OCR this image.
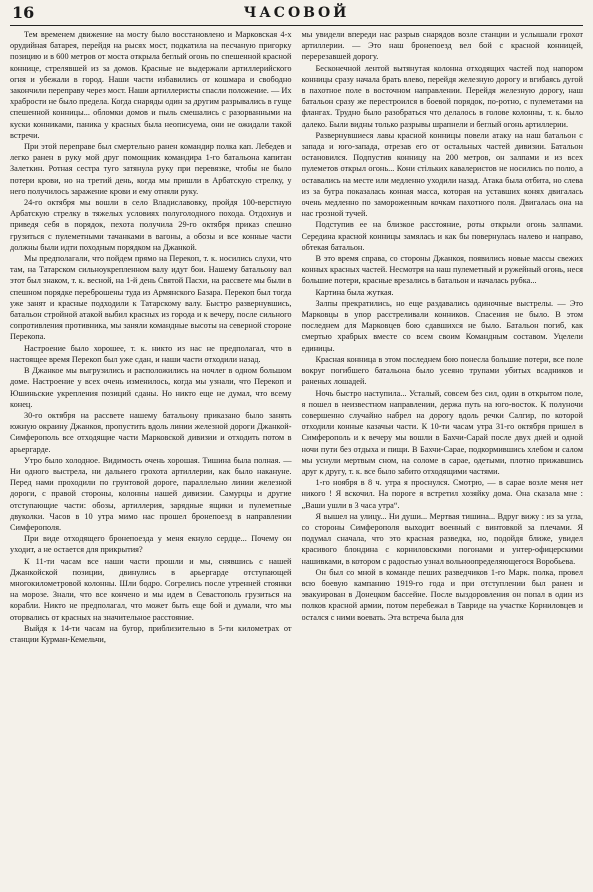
16	ЧАСОВОЙ

Тем временем движение на мосту было восстановлено и Марковская 4-х орудийная батарея, перейдя на рысях мост, подкатила на песчаную пригорку позицию и в 600 метров от моста открыла беглый огонь по спешенной красной коннице, стрелявшей из за домов. Красные не выдержали артиллерийского огня и убежали в город. Наши части избавились от кошмара и свободно закончили переправу через мост. Наши артиллеристы спасли положение. — Их храбрости не было предела. Когда снаряды один за другим разрывались в гуще спешенной конницы... обломки домов и пыль смешались с разорванными на куски конниками, паника у красных была неописуема, они не ожидали такой встречи.

При этой переправе был смертельно ранен командир полка кап. Лебедев и легко ранен в руку мой друг помощник командира 1-го батальона капитан Залеткин. Ротная сестра туго затянула руку при перевязке, чтобы не было потери крови, но на третий день, когда мы пришли в Арбатскую стрелку, у него получилось заражение крови и ему отняли руку.

24-го октября мы вошли в село Владиславовку, пройдя 100-верстную Арбатскую стрелку в тяжелых условиях полуголодного похода. Отдохнув и приведя себя в порядок, пехота получила 29-го октября приказ спешно грузиться с пулеметными тачанками в вагоны, а обозы и все конные части должны были идти походным порядком на Джанкой.

Мы предполагали, что пойдем прямо на Перекоп, т. к. носились слухи, что там, на Татарском сильноукрепленном валу идут бои. Нашему батальону вал этот был знаком, т. к. весной, на 1-й день Святой Пасхи, на рассвете мы были в спешном порядке переброшены туда из Армянского Базара. Перекоп был тогда уже занят и красные подходили к Татарскому валу. Быстро развернувшись, батальон стройной атакой выбил красных из города и к вечеру, после сильного сопротивления противника, мы заняли командные высоты на северной стороне Перекопа.

Настроение было хорошее, т. к. никто из нас не предполагал, что в настоящее время Перекоп был уже сдан, и наши части отходили назад.

В Джанкое мы выгрузились и расположились на ночлег в одном большом доме. Настроение у всех очень изменилось, когда мы узнали, что Перекоп и Юшиньские укрепления позиций сданы. Но никто еще не думал, что всему конец.

30-го октября на рассвете нашему батальону приказано было занять южную окраину Джанкоя, пропустить вдоль линии железной дороги Джанкой-Симферополь все отходящие части Марковской дивизии и отходить потом в арьергарде.

Утро было холодное. Видимость очень хорошая. Тишина была полная. — Ни одного выстрела, ни дальнего грохота артиллерии, как было накануне. Перед нами проходили по грунтовой дороге, параллельно линии железной дороги, с правой стороны, колонны нашей дивизии. Самурцы и другие отступающие части: обозы, артиллерия, зарядные ящики и пулеметные двуколки. Часов в 10 утра мимо нас прошел бронепоезд в направлении Симферополя.

При виде отходящего бронепоезда у меня екнуло сердце... Почему он уходит, а не остается для прикрытия?

К 11-ти часам все наши части прошли и мы, снявшись с нашей Джанкойской позиции, двинулись в арьергарде отступающей многокилометровой колонны. Шли бодро. Согрелись после утренней стоянки на морозе. Знали, что все кончено и мы идем в Севастополь грузиться на корабли. Никто не предполагал, что может быть еще бой и думали, что мы оторвались от красных на значительное расстояние.

Выйдя к 14-ти часам на бугор, приблизительно в 5-ти километрах от станции Курман-Кемельчи,

мы увидели впереди нас разрыв снарядов возле станции и услышали грохот артиллерии. — Это наш бронепоезд вел бой с красной конницей, перерезавшей дорогу.

Бесконечной лентой вытянутая колонна отходящих частей под напором конницы сразу начала брать влево, перейдя железную дорогу и вгибаясь дугой в пахотное поле в восточном направлении. Перейдя железную дорогу, наш батальон сразу же перестроился в боевой порядок, по-ротно, с пулеметами на флангах. Трудно было разобраться что делалось в голове колонны, т. к. было далеко. Были видны только разрывы шрапнели и беглый огонь артиллерии.

Развернувшиеся лавы красной конницы повели атаку на наш батальон с запада и юго-запада, отрезав его от остальных частей дивизии. Батальон остановился. Подпустив конницу на 200 метров, он залпами и из всех пулеметов открыл огонь... Кони стільких кавалеристов не носились по полю, а оставались на месте или медленно уходили назад. Атака была отбита, но слева из за бугра показалась конная масса, которая на уставших конях двигалась очень медленно по замороженным кочкам пахотного поля. Двигалась она на нас грозной тучей.

Подступив ее на близкое расстояние, роты открыли огонь залпами. Середина красной конницы замялась и как бы повернулась налево и направо, обтекая батальон.

В это время справа, со стороны Джанкоя, появились новые массы свежих конных красных частей. Несмотря на наш пулеметный и ружейный огонь, неся большие потери, красные врезались в батальон и началась рубка...

Картина была жуткая.

Залпы прекратились, но еще раздавались одиночные выстрелы. — Это Марковцы в упор расстреливали конников. Спасения не было. В этом последнем для Марковцев бою сдавшихся не было. Батальон погиб, как смертью храбрых вместе со всем своим Командным составом. Уцелели единицы.

Красная конница в этом последнем бою понесла большие потери, все поле вокруг погибшего батальона было усеяно трупами убитых всадников и раненых лошадей.

Ночь быстро наступила... Усталый, совсем без сил, один в открытом поле, я пошел в неизвестном направлении, держа путь на юго-восток. К полуночи совершенно случайно набрел на дорогу вдоль речки Салгир, по которой отходили конные казачьи части. К 10-ти часам утра 31-го октября пришел в Симферополь и к вечеру мы вошли в Бахчи-Сарай после двух дней и одной ночи пути без отдыха и пищи. В Бахчи-Сарае, подкормившись хлебом и салом мы уснули мертвым сном, на соломе в сарае, одетыми, плотно прижавшись друг к другу, т. к. все было забито отходящими частями.

1-го ноября в 8 ч. утра я проснулся. Смотрю, — в сарае возле меня нет никого ! Я вскочил. На пороге я встретил хозяйку дома. Она сказала мне : „Ваши ушли в 3 часа утра“.

Я вышел на улицу... Ни души... Мертвая тишина... Вдруг вижу : из за угла, со стороны Симферополя выходит военный с винтовкой за плечами. Я подумал сначала, что это красная разведка, но, подойдя ближе, увидел красивого блондина с корниловскими погонами и унтер-офицерскими нашивками, в котором с радостью узнал вольноопределяющегося Воробьева.

Он был со мной в команде пеших разведчиков 1-го Марк. полка, провел всю боевую кампанию 1919-го года и при отступлении был ранен и эвакуирован в Донецком бассейне. После выздоровления он попал в один из полков красной армии, потом перебежал в Тавриде на участке Корниловцев и остался с ними воевать. Эта встреча была для
